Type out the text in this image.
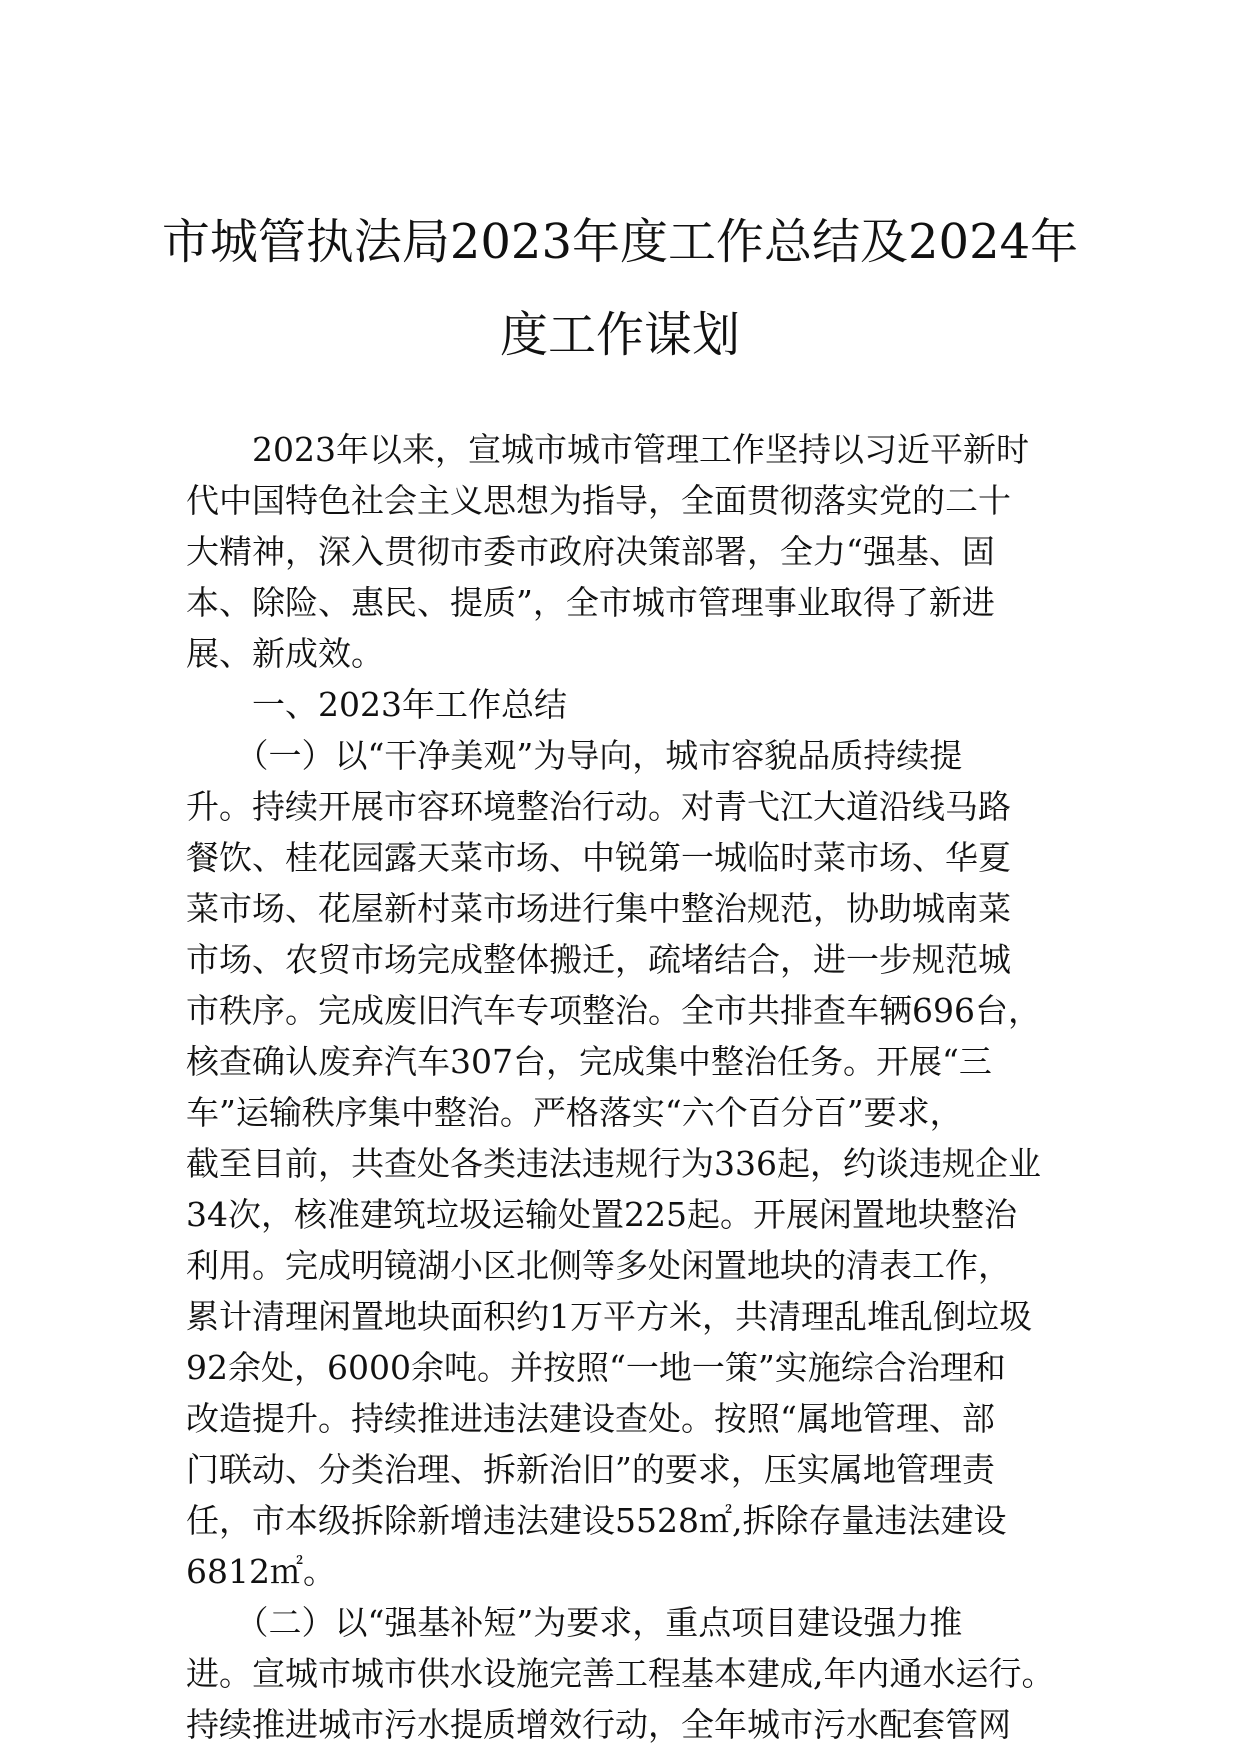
市城管执法局2023年度工作总结及2024年
度工作谋划
　　2023年以来，宣城市城市管理工作坚持以习近平新时
代中国特色社会主义思想为指导，全面贯彻落实党的二十
大精神，深入贯彻市委市政府决策部署，全力“强基、固
本、除险、惠民、提质”，全市城市管理事业取得了新进
展、新成效。
　　一、2023年工作总结
　　（一）以“干净美观”为导向，城市容貌品质持续提
升。持续开展市容环境整治行动。对青弋江大道沿线马路
餐饮、桂花园露天菜市场、中锐第一城临时菜市场、华夏
菜市场、花屋新村菜市场进行集中整治规范，协助城南菜
市场、农贸市场完成整体搬迁，疏堵结合，进一步规范城
市秩序。完成废旧汽车专项整治。全市共排查车辆696台，
核查确认废弃汽车307台，完成集中整治任务。开展“三
车”运输秩序集中整治。严格落实“六个百分百”要求，
截至目前，共查处各类违法违规行为336起，约谈违规企业
34次，核准建筑垃圾运输处置225起。开展闲置地块整治
利用。完成明镜湖小区北侧等多处闲置地块的清表工作，
累计清理闲置地块面积约1万平方米，共清理乱堆乱倒垃圾
92余处，6000余吨。并按照“一地一策”实施综合治理和
改造提升。持续推进违法建设查处。按照“属地管理、部
门联动、分类治理、拆新治旧”的要求，压实属地管理责
任，市本级拆除新增违法建设5528㎡,拆除存量违法建设
6812㎡。
　　（二）以“强基补短”为要求，重点项目建设强力推
进。宣城市城市供水设施完善工程基本建成,年内通水运行。
持续推进城市污水提质增效行动，全年城市污水配套管网
